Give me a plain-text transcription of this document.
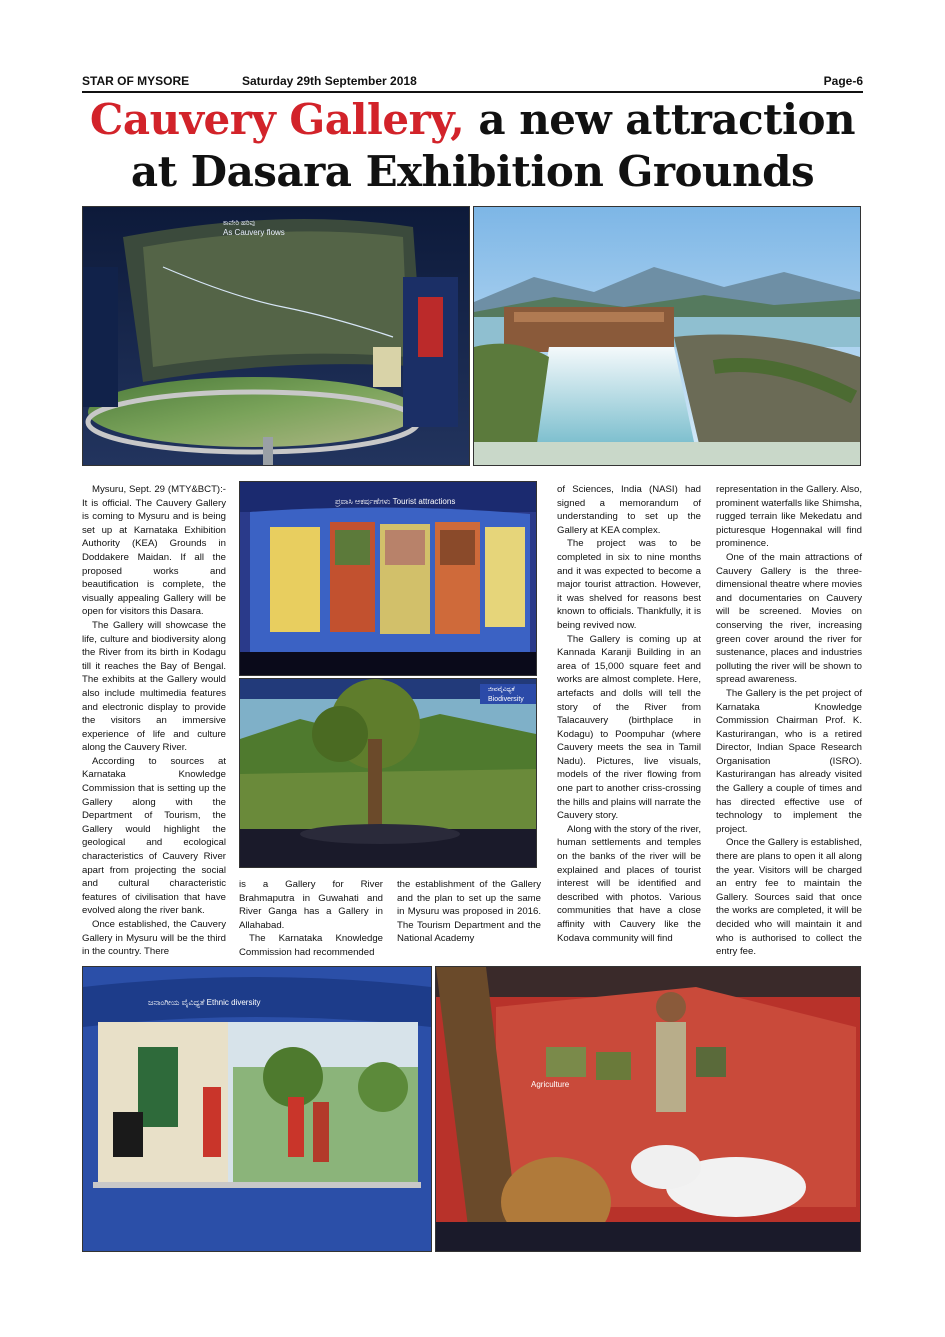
STAR OF MYSORE	Saturday 29th September 2018	Page-6
Cauvery Gallery, a new attraction
at Dasara Exhibition Grounds
ಕಾವೇರಿ ಹರಿವು
As Cauvery flows

Mysuru, Sept. 29 (MTY&BCT):- It is official. The Cauvery Gallery is coming to Mysuru and is being set up at Karnataka Exhibition Authority (KEA) Grounds in Doddakere Maidan. If all the proposed works and beautification is complete, the visually appealing Gallery will be open for visitors this Dasara.

The Gallery will showcase the life, culture and biodiversity along the River from its birth in Kodagu till it reaches the Bay of Bengal. The exhibits at the Gallery would also include multimedia features and electronic display to provide the visitors an immersive experience of life and culture along the Cauvery River.

According to sources at Karnataka Knowledge Commission that is setting up the Gallery along with the Department of Tourism, the Gallery would highlight the geological and ecological characteristics of Cauvery River apart from projecting the social and cultural characteristic features of civilisation that have evolved along the river bank.

Once established, the Cauvery Gallery in Mysuru will be the third in the country. There

ಪ್ರವಾಸಿ ಆಕರ್ಷಣೆಗಳು Tourist attractions
ಜೀವವೈವಿಧ್ಯತೆ
Biodiversity

is a Gallery for River Brahmaputra in Guwahati and River Ganga has a Gallery in Allahabad.

The Karnataka Knowledge Commission had recommended

the establishment of the Gallery and the plan to set up the same in Mysuru was proposed in 2016. The Tourism Department and the National Academy

of Sciences, India (NASI) had signed a memorandum of understanding to set up the Gallery at KEA complex.

The project was to be completed in six to nine months and it was expected to become a major tourist attraction. However, it was shelved for reasons best known to officials. Thankfully, it is being revived now.

The Gallery is coming up at Kannada Karanji Building in an area of 15,000 square feet and works are almost complete. Here, artefacts and dolls will tell the story of the River from Talacauvery (birthplace in Kodagu) to Poompuhar (where Cauvery meets the sea in Tamil Nadu). Pictures, live visuals, models of the river flowing from one part to another criss-crossing the hills and plains will narrate the Cauvery story.

Along with the story of the river, human settlements and temples on the banks of the river will be explained and places of tourist interest will be identified and described with photos. Various communities that have a close affinity with Cauvery like the Kodava community will find

representation in the Gallery. Also, prominent waterfalls like Shimsha, rugged terrain like Mekedatu and picturesque Hogennakal will find prominence.

One of the main attractions of Cauvery Gallery is the three-dimensional theatre where movies and documentaries on Cauvery will be screened. Movies on conserving the river, increasing green cover around the river for sustenance, places and industries polluting the river will be shown to spread awareness.

The Gallery is the pet project of Karnataka Knowledge Commission Chairman Prof. K. Kasturirangan, who is a retired Director, Indian Space Research Organisation (ISRO). Kasturirangan has already visited the Gallery a couple of times and has directed effective use of technology to implement the project.

Once the Gallery is established, there are plans to open it all along the year. Visitors will be charged an entry fee to maintain the Gallery. Sources said that once the works are completed, it will be decided who will maintain it and who is authorised to collect the entry fee.

ಜನಾಂಗೀಯ ವೈವಿಧ್ಯತೆ Ethnic diversity
Agriculture
